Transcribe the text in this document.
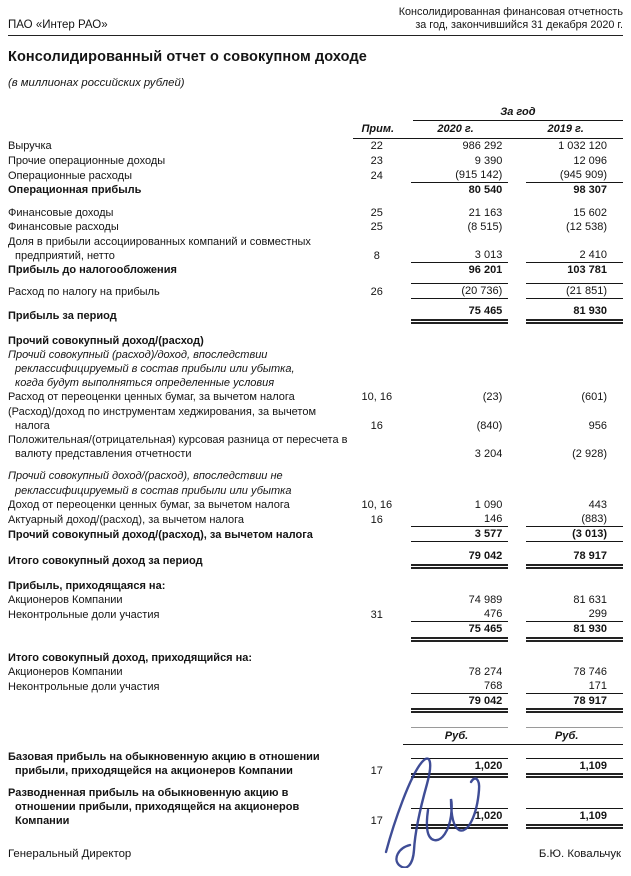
ПАО «Интер РАО»
Консолидированная финансовая отчетность
за год, закончившийся 31 декабря 2020 г.
Консолидированный отчет о совокупном доходе
(в миллионах российских рублей)

		За год	

	Прим.	2020 г.	2019 г.

Выручка	22	986 292	1 032 120

Прочие операционные доходы	23	9 390	12 096

Операционные расходы	24	(915 142)	(945 909)

Операционная прибыль		80 540	98 307

Финансовые доходы	25	21 163	15 602

Финансовые расходы	25	(8 515)	(12 538)

Доля в прибыли ассоциированных компаний и совместных предприятий, нетто	8	3 013	2 410

Прибыль до налогообложения		96 201	103 781

Расход по налогу на прибыль	26	(20 736)	(21 851)

Прибыль за период		75 465	81 930

Прочий совокупный доход/(расход)			

Прочий совокупный (расход)/доход, впоследствии реклассифицируемый в состав прибыли или убытка, когда будут выполняться определенные условия			

Расход от переоценки ценных бумаг, за вычетом налога	10, 16	(23)	(601)

(Расход)/доход по инструментам хеджирования, за вычетом налога	16	(840)	956

Положительная/(отрицательная) курсовая разница от пересчета в валюту представления отчетности		3 204	(2 928)

Прочий совокупный доход/(расход), впоследствии не реклассифицируемый в состав прибыли или убытка			

Доход от переоценки ценных бумаг, за вычетом налога	10, 16	1 090	443

Актуарный доход/(расход), за вычетом налога	16	146	(883)

Прочий совокупный доход/(расход), за вычетом налога		3 577	(3 013)

Итого совокупный доход за период		79 042	78 917

Прибыль, приходящаяся на:			

Акционеров Компании		74 989	81 631

Неконтрольные доли участия	31	476	299

		75 465	81 930

Итого совокупный доход, приходящийся на:			

Акционеров Компании		78 274	78 746

Неконтрольные доли участия		768	171

		79 042	78 917

		Руб.	Руб.

Базовая прибыль на обыкновенную акцию в отношении прибыли, приходящейся на акционеров Компании	17	1,020	1,109

Разводненная прибыль на обыкновенную акцию в отношении прибыли, приходящейся на акционеров Компании	17	1,020	1,109
Генеральный Директор	Б.Ю. Ковальчук
